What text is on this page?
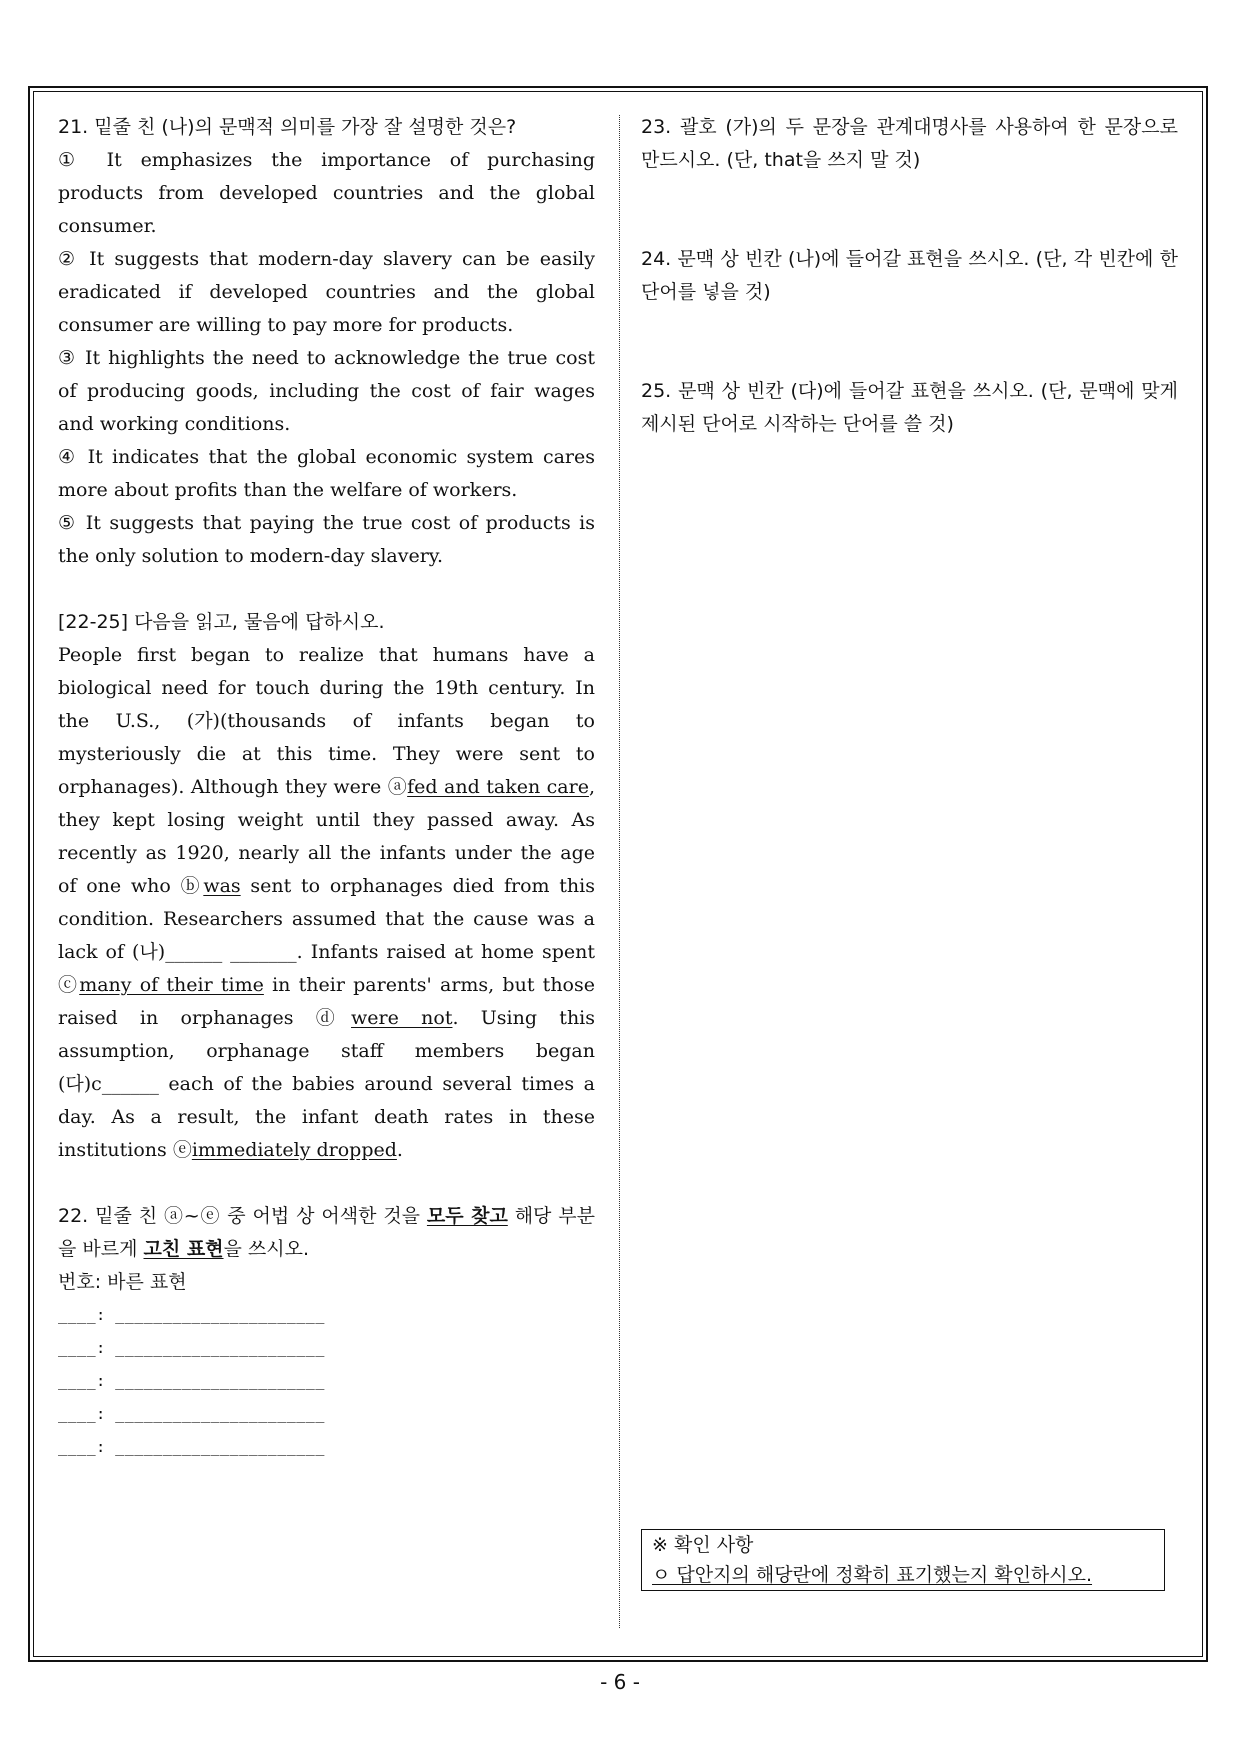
21. 밑줄 친 (나)의 문맥적 의미를 가장 잘 설명한 것은?

① It emphasizes the importance of purchasing products from developed countries and the global consumer.

② It suggests that modern-day slavery can be easily eradicated if developed countries and the global consumer are willing to pay more for products.

③ It highlights the need to acknowledge the true cost of producing goods, including the cost of fair wages and working conditions.

④ It indicates that the global economic system cares more about profits than the welfare of workers.

⑤ It suggests that paying the true cost of products is the only solution to modern-day slavery.

[22-25] 다음을 읽고, 물음에 답하시오.

People first began to realize that humans have a biological need for touch during the 19th century. In the U.S., (가)(thousands of infants began to mysteriously die at this time. They were sent to orphanages). Although they were ⓐfed and taken care, they kept losing weight until they passed away. As recently as 1920, nearly all the infants under the age of one who ⓑwas sent to orphanages died from this condition. Researchers assumed that the cause was a lack of (나)______ _______. Infants raised at home spent ⓒmany of their time in their parents' arms, but those raised in orphanages ⓓwere not. Using this assumption, orphanage staff members began (다)c______ each of the babies around several times a day. As a result, the infant death rates in these institutions ⓔimmediately dropped.

22. 밑줄 친 ⓐ~ⓔ 중 어법 상 어색한 것을 모두 찾고 해당 부분을 바르게 고친 표현을 쓰시오.

번호: 바른 표현

____: ______________________
____: ______________________
____: ______________________
____: ______________________
____: ______________________

23. 괄호 (가)의 두 문장을 관계대명사를 사용하여 한 문장으로 만드시오. (단, that을 쓰지 말 것)

24. 문맥 상 빈칸 (나)에 들어갈 표현을 쓰시오. (단, 각 빈칸에 한 단어를 넣을 것)

25. 문맥 상 빈칸 (다)에 들어갈 표현을 쓰시오. (단, 문맥에 맞게 제시된 단어로 시작하는 단어를 쓸 것)

※ 확인 사항
ㅇ 답안지의 해당란에 정확히 표기했는지 확인하시오.
- 6 -
